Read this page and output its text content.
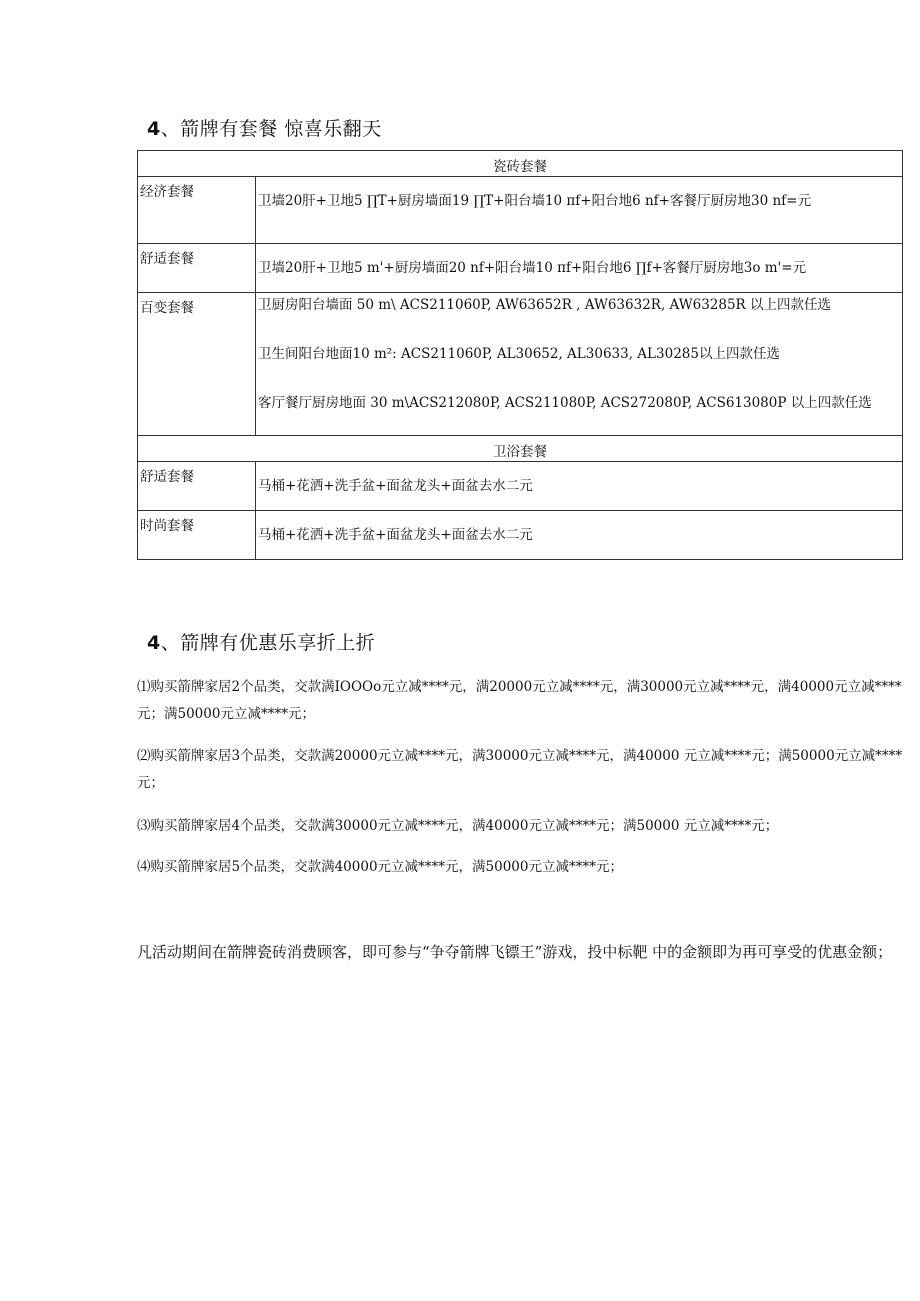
4、箭牌有套餐 惊喜乐翻天
瓷砖套餐	
经济套餐	卫墙20肝+卫地5 ∏T+厨房墙面19 ∏T+阳台墙10 πf+阳台地6 nf+客餐厅厨房地30 nf=元

舒适套餐	卫墙20肝+卫地5 m'+厨房墙面20 nf+阳台墙10 πf+阳台地6 ∏f+客餐厅厨房地3o m'=元

百变套餐	卫厨房阳台墙面 50 m\ ACS211060P, AW63652R , AW63632R, AW63285R 以上四款任选

卫生间阳台地面10 m²: ACS211060P, AL30652, AL30633, AL30285以上四款任选

客厅餐厅厨房地面 30 m\ACS212080P, ACS211080P, ACS272080P, ACS613080P 以上四款任选

卫浴套餐	
舒适套餐	马桶+花洒+洗手盆+面盆龙头+面盆去水二元

时尚套餐	马桶+花洒+洗手盆+面盆龙头+面盆去水二元

4、箭牌有优惠乐享折上折

⑴购买箭牌家居2个品类，交款满IOOOo元立减****元，满20000元立减****元，满30000元立减****元，满40000元立减****元；满50000元立减****元；

⑵购买箭牌家居3个品类，交款满20000元立减****元，满30000元立减****元，满40000 元立减****元；满50000元立减****元；

⑶购买箭牌家居4个品类，交款满30000元立减****元，满40000元立减****元；满50000 元立减****元；

⑷购买箭牌家居5个品类，交款满40000元立减****元，满50000元立减****元；

凡活动期间在箭牌瓷砖消费顾客，即可参与“争夺箭牌飞镖王”游戏，投中标靶 中的金额即为再可享受的优惠金额；
